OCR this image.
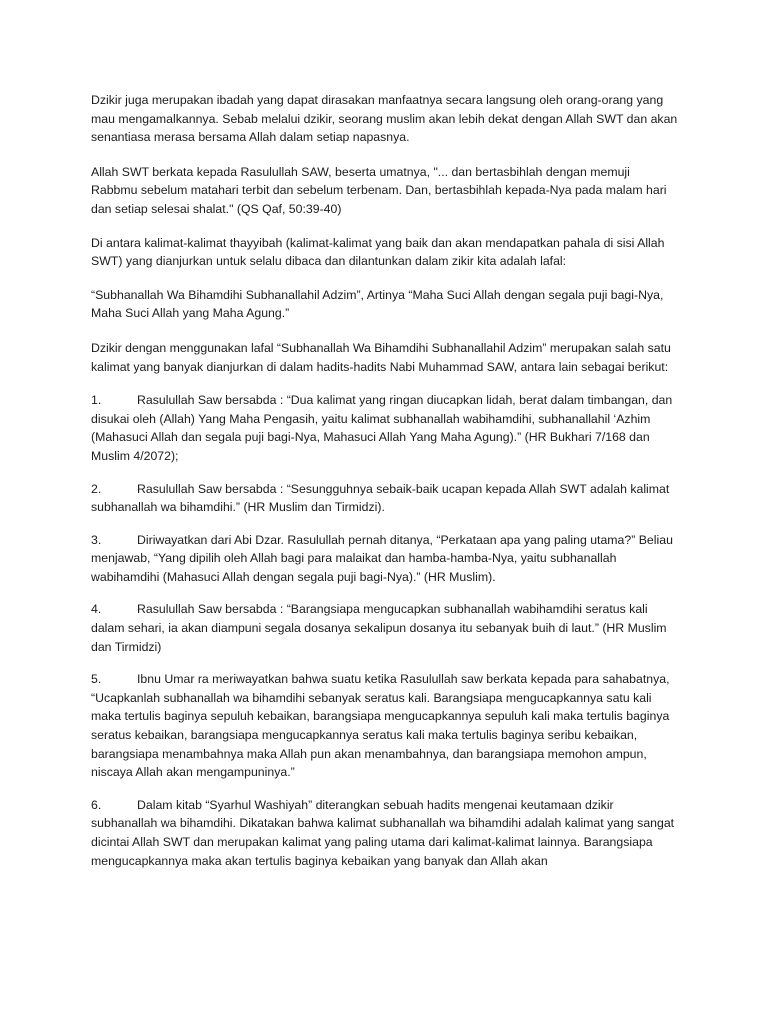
Dzikir juga merupakan ibadah yang dapat dirasakan manfaatnya secara langsung oleh orang-orang yang mau mengamalkannya. Sebab melalui dzikir, seorang muslim akan lebih dekat dengan Allah SWT dan akan senantiasa merasa bersama Allah dalam setiap napasnya.

Allah SWT berkata kepada Rasulullah SAW, beserta umatnya, "... dan bertasbihlah dengan memuji Rabbmu sebelum matahari terbit dan sebelum terbenam. Dan, bertasbihlah kepada-Nya pada malam hari dan setiap selesai shalat." (QS Qaf, 50:39-40)

Di antara kalimat-kalimat thayyibah (kalimat-kalimat yang baik dan akan mendapatkan pahala di sisi Allah SWT) yang dianjurkan untuk selalu dibaca dan dilantunkan dalam zikir kita adalah lafal:

“Subhanallah Wa Bihamdihi Subhanallahil Adzim”, Artinya “Maha Suci Allah dengan segala puji bagi-Nya, Maha Suci Allah yang Maha Agung.”

Dzikir dengan menggunakan lafal “Subhanallah Wa Bihamdihi Subhanallahil Adzim” merupakan salah satu kalimat yang banyak dianjurkan di dalam hadits-hadits Nabi Muhammad SAW, antara lain sebagai berikut:

1.	Rasulullah Saw bersabda : “Dua kalimat yang ringan diucapkan lidah, berat dalam timbangan, dan disukai oleh (Allah) Yang Maha Pengasih, yaitu kalimat subhanallah wabihamdihi, subhanallahil ‘Azhim (Mahasuci Allah dan segala puji bagi-Nya, Mahasuci Allah Yang Maha Agung).” (HR Bukhari 7/168 dan Muslim 4/2072);

2.	Rasulullah Saw bersabda : “Sesungguhnya sebaik-baik ucapan kepada Allah SWT adalah kalimat subhanallah wa bihamdihi.” (HR Muslim dan Tirmidzi).

3.	Diriwayatkan dari Abi Dzar. Rasulullah pernah ditanya, “Perkataan apa yang paling utama?” Beliau menjawab, “Yang dipilih oleh Allah bagi para malaikat dan hamba-hamba-Nya, yaitu subhanallah wabihamdihi (Mahasuci Allah dengan segala puji bagi-Nya).” (HR Muslim).

4.	Rasulullah Saw bersabda : “Barangsiapa mengucapkan subhanallah wabihamdihi seratus kali dalam sehari, ia akan diampuni segala dosanya sekalipun dosanya itu sebanyak buih di laut.” (HR Muslim dan Tirmidzi)

5.	Ibnu Umar ra meriwayatkan bahwa suatu ketika Rasulullah saw berkata kepada para sahabatnya, “Ucapkanlah subhanallah wa bihamdihi sebanyak seratus kali. Barangsiapa mengucapkannya satu kali maka tertulis baginya sepuluh kebaikan, barangsiapa mengucapkannya sepuluh kali maka tertulis baginya seratus kebaikan, barangsiapa mengucapkannya seratus kali maka tertulis baginya seribu kebaikan, barangsiapa menambahnya maka Allah pun akan menambahnya, dan barangsiapa memohon ampun, niscaya Allah akan mengampuninya.”

6.	Dalam kitab “Syarhul Washiyah” diterangkan sebuah hadits mengenai keutamaan dzikir subhanallah wa bihamdihi. Dikatakan bahwa kalimat subhanallah wa bihamdihi adalah kalimat yang sangat dicintai Allah SWT dan merupakan kalimat yang paling utama dari kalimat-kalimat lainnya. Barangsiapa mengucapkannya maka akan tertulis baginya kebaikan yang banyak dan Allah akan
